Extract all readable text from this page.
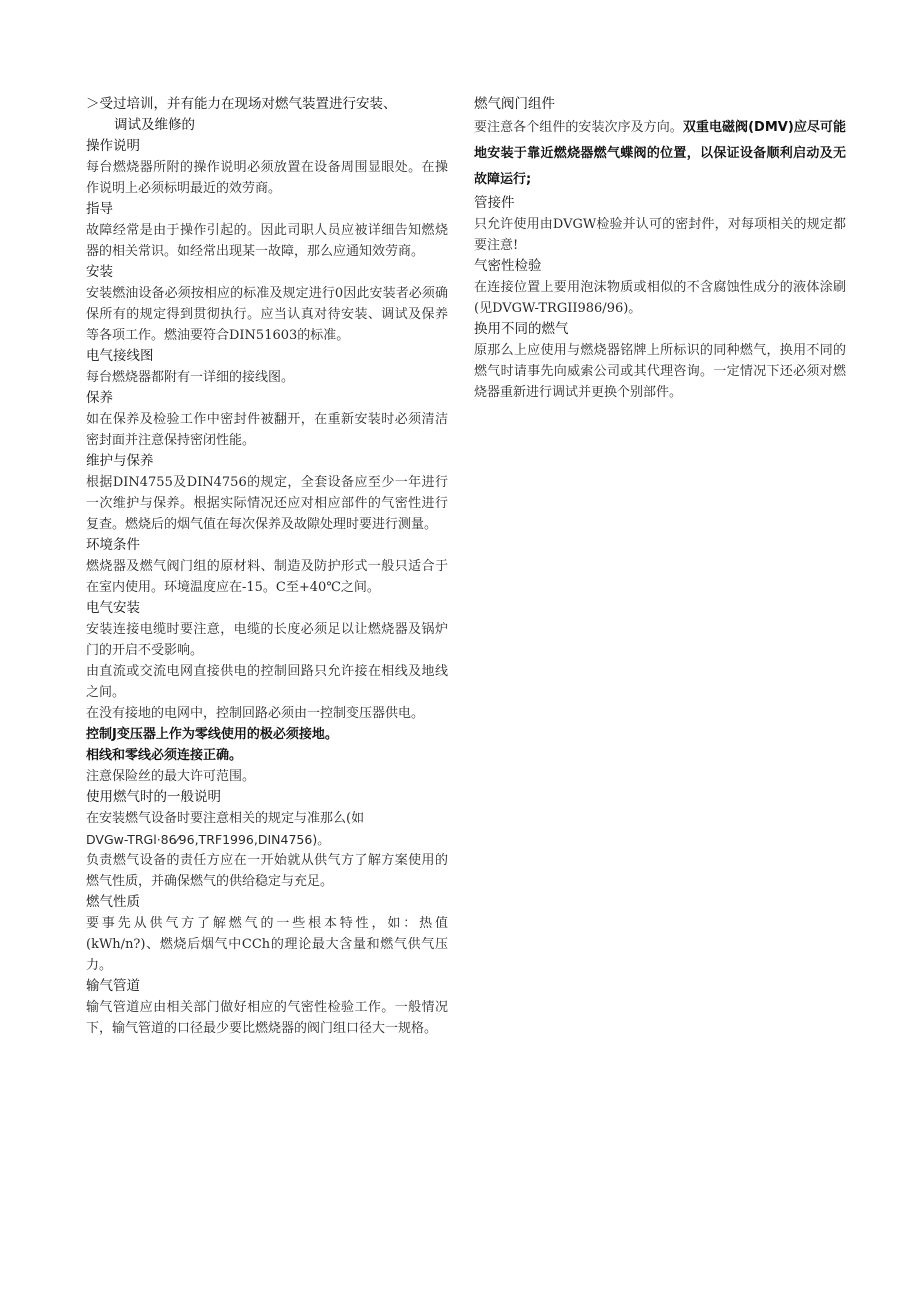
＞受过培训，并有能力在现场对燃气装置进行安装、

调试及维修的

操作说明

每台燃烧器所附的操作说明必须放置在设备周围显眼处。在操作说明上必须标明最近的效劳商。

指导

故障经常是由于操作引起的。因此司职人员应被详细告知燃烧器的相关常识。如经常出现某一故障，那么应通知效劳商。

安装

安装燃油设备必须按相应的标准及规定进行0因此安装者必须确保所有的规定得到贯彻执行。应当认真对待安装、调试及保养等各项工作。燃油要符合DIN51603的标准。

电气接线图

每台燃烧器都附有一详细的接线图。

保养

如在保养及检验工作中密封件被翻开，在重新安装时必须清洁密封面并注意保持密闭性能。

维护与保养

根据DIN4755及DIN4756的规定，全套设备应至少一年进行一次维护与保养。根据实际情况还应对相应部件的气密性进行复查。燃烧后的烟气值在每次保养及故隙处理时要进行测量。

环境条件

燃烧器及燃气阀门组的原材料、制造及防护形式一般只适合于在室内使用。环境温度应在-15。C至+40℃之间。

电气安装

安装连接电缆时要注意，电缆的长度必须足以让燃烧器及锅炉门的开启不受影响。

由直流或交流电网直接供电的控制回路只允许接在相线及地线之间。

在没有接地的电网中，控制回路必须由一控制变压器供电。

控制J变压器上作为零线使用的极必须接地。

相线和零线必须连接正确。

注意保险丝的最大许可范围。

使用燃气时的一般说明

在安装燃气设备时要注意相关的规定与准那么(如

DVGw-TRGl·86⁄96,TRF1996,DIN4756)。

负责燃气设备的责任方应在一开始就从供气方了解方案使用的燃气性质，并确保燃气的供给稳定与充足。

燃气性质

要事先从供气方了解燃气的一些根本特性，如：热值(kWh/n?)、燃烧后烟气中CCh的理论最大含量和燃气供气压力。

输气管道

输气管道应由相关部门做好相应的气密性检验工作。一般情况下，输气管道的口径最少要比燃烧器的阀门组口径大一规格。

燃气阀门组件

要注意各个组件的安装次序及方向。双重电磁阀(DMV)应尽可能地安装于靠近燃烧器燃气蝶阀的位置，以保证设备顺利启动及无故障运行;

管接件

只允许使用由DVGW检验并认可的密封件，对每项相关的规定都要注意!

气密性检验

在连接位置上要用泡沫物质或相似的不含腐蚀性成分的液体涂刷(见DVGW-TRGII986/96)。

换用不同的燃气

原那么上应使用与燃烧器铭牌上所标识的同种燃气，换用不同的燃气时请事先向威索公司或其代理咨询。一定情况下还必须对燃烧器重新进行调试并更换个别部件。
